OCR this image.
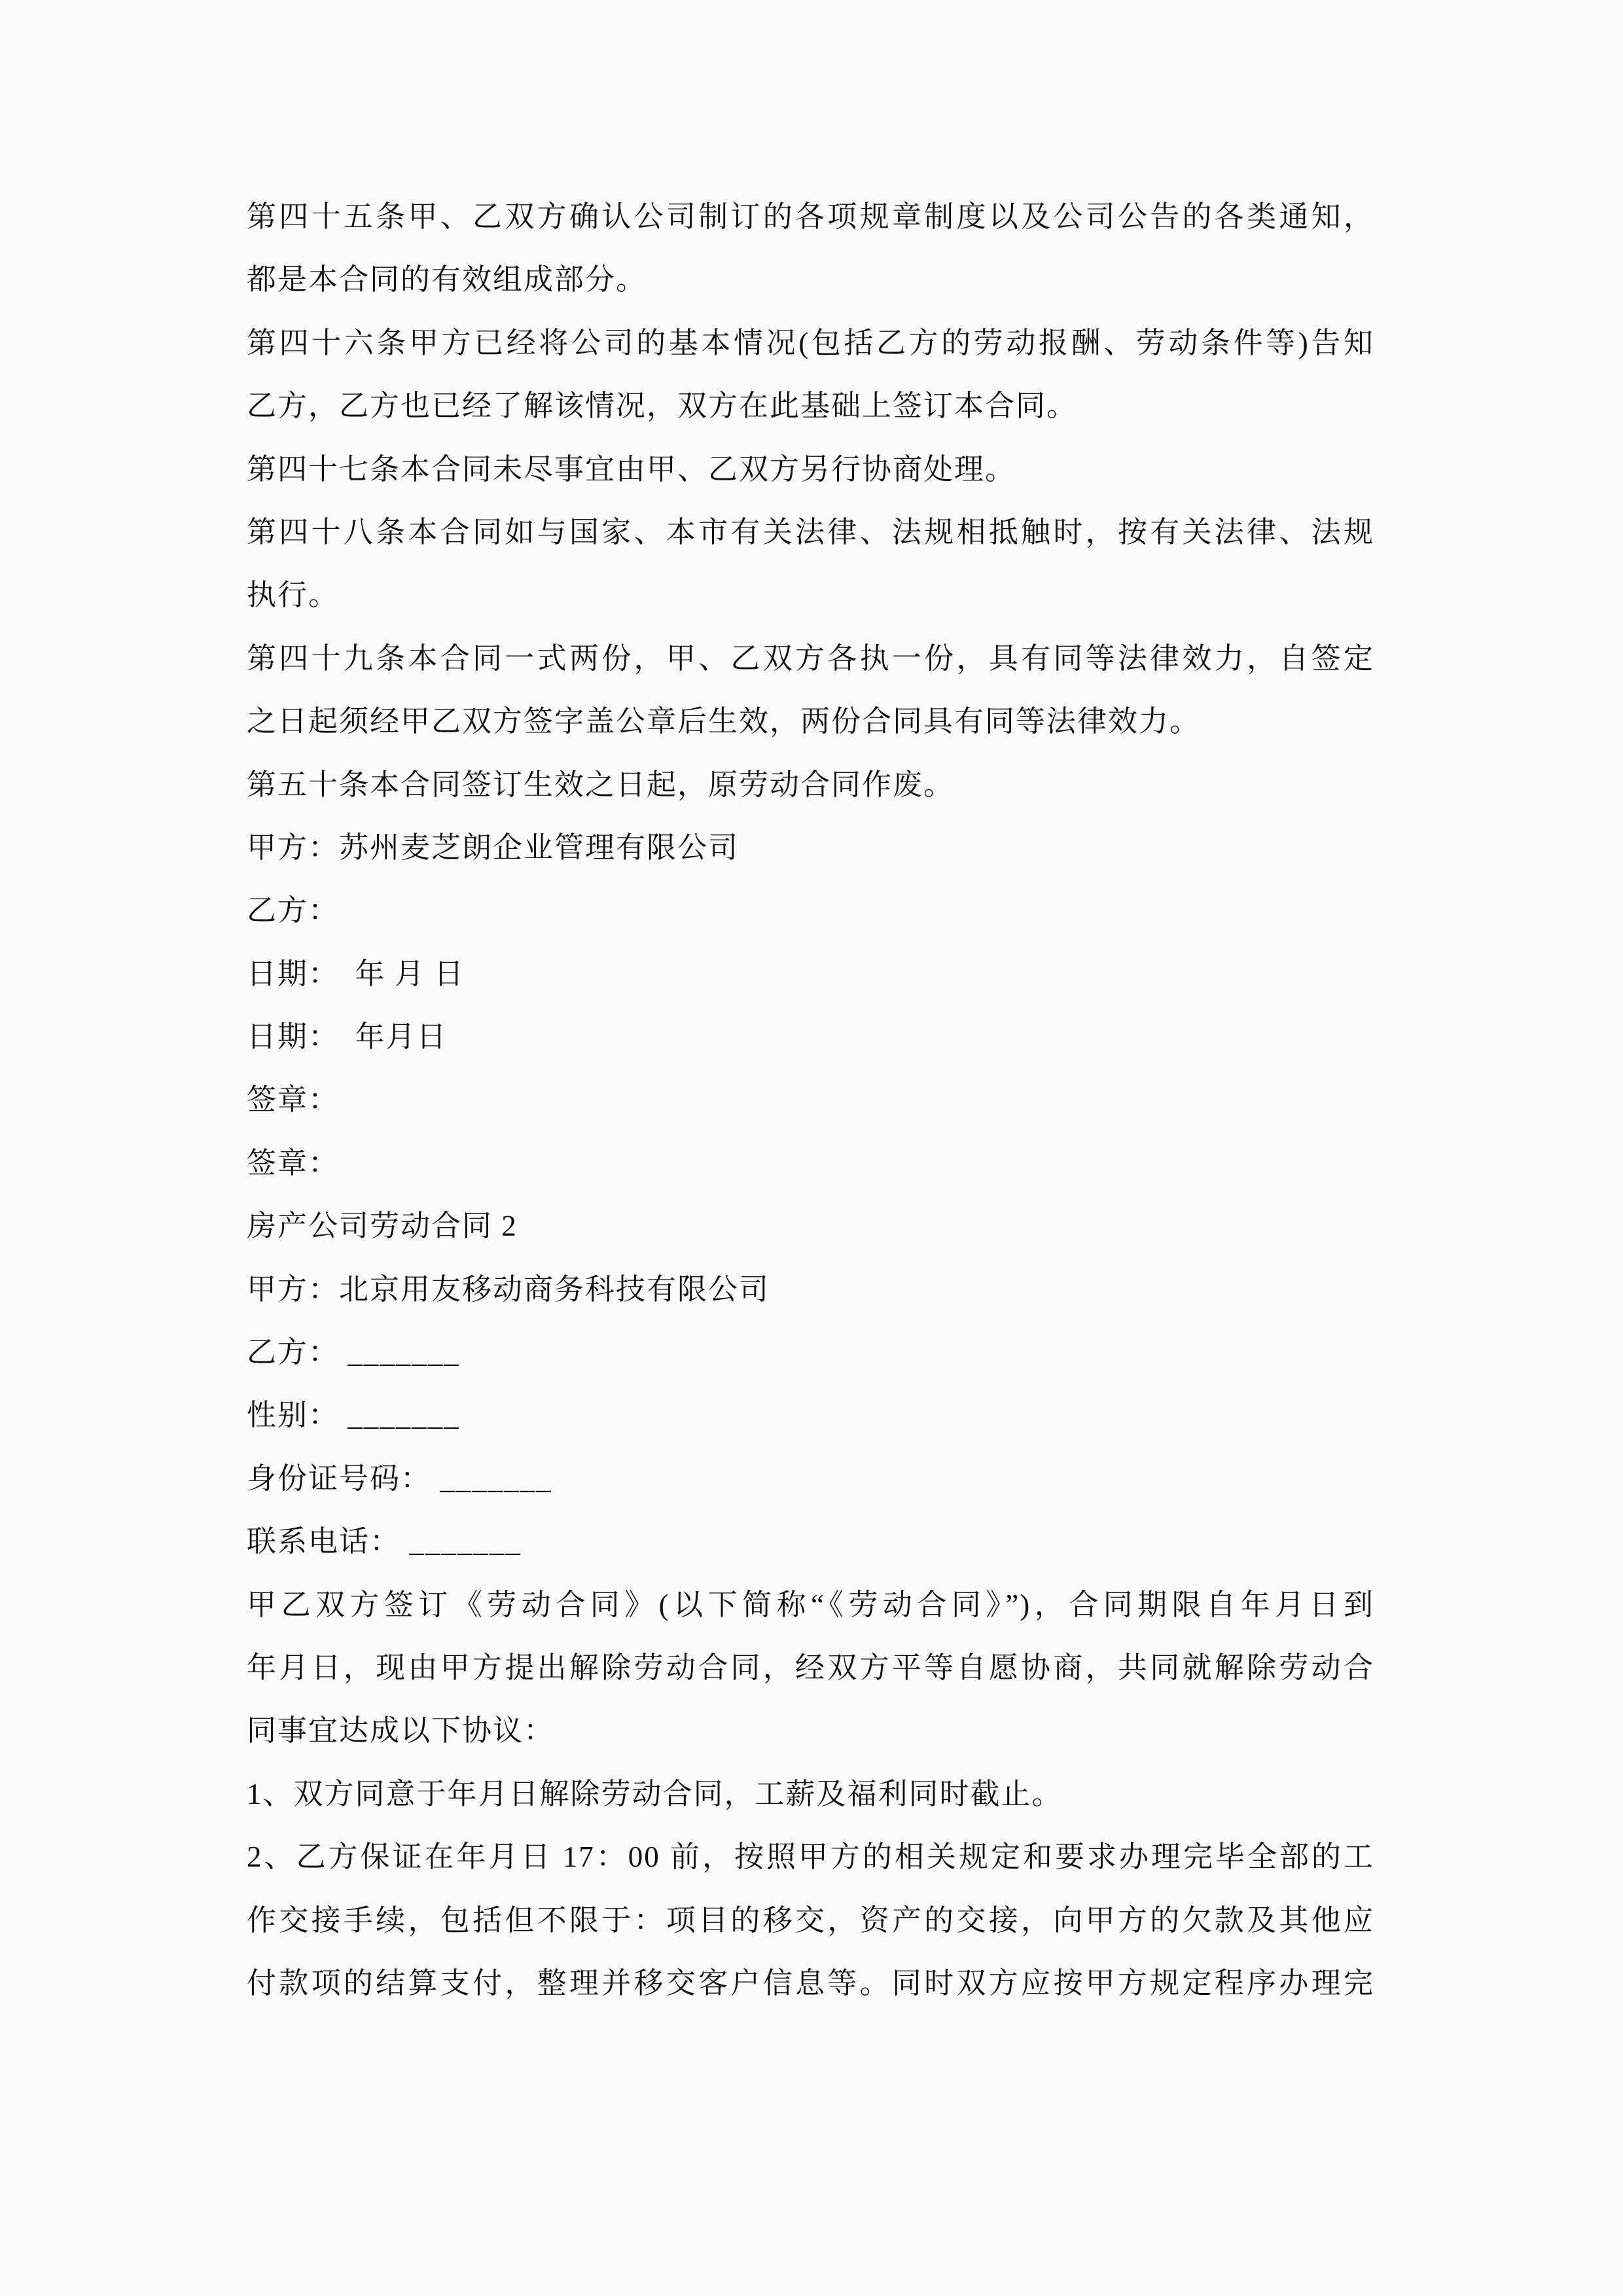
第四十五条甲、乙双方确认公司制订的各项规章制度以及公司公告的各类通知，
都是本合同的有效组成部分。
第四十六条甲方已经将公司的基本情况(包括乙方的劳动报酬、劳动条件等)告知
乙方，乙方也已经了解该情况，双方在此基础上签订本合同。
第四十七条本合同未尽事宜由甲、乙双方另行协商处理。
第四十八条本合同如与国家、本市有关法律、法规相抵触时，按有关法律、法规
执行。
第四十九条本合同一式两份，甲、乙双方各执一份，具有同等法律效力，自签定
之日起须经甲乙双方签字盖公章后生效，两份合同具有同等法律效力。
第五十条本合同签订生效之日起，原劳动合同作废。
甲方：苏州麦芝朗企业管理有限公司
乙方：
日期：　年 月 日
日期：　年月日
签章：
签章：
房产公司劳动合同 2
甲方：北京用友移动商务科技有限公司
乙方： _______
性别： _______
身份证号码： _______
联系电话： _______
甲乙双方签订《劳动合同》(以下简称“《劳动合同》”)，合同期限自年月日到
年月日，现由甲方提出解除劳动合同，经双方平等自愿协商，共同就解除劳动合
同事宜达成以下协议：
1、双方同意于年月日解除劳动合同，工薪及福利同时截止。
2、乙方保证在年月日 17：00 前，按照甲方的相关规定和要求办理完毕全部的工
作交接手续，包括但不限于：项目的移交，资产的交接，向甲方的欠款及其他应
付款项的结算支付，整理并移交客户信息等。同时双方应按甲方规定程序办理完
